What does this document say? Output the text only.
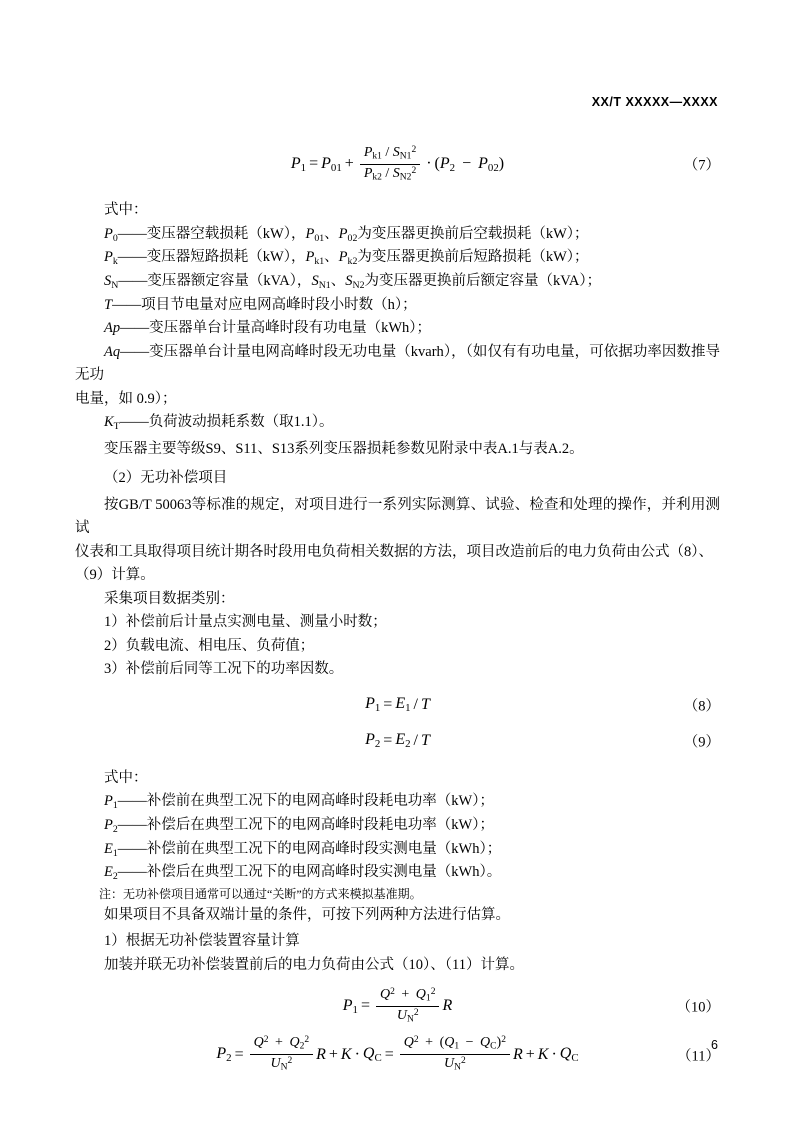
XX/T XXXXX—XXXX
$P_1 = P_{01} + \frac{P_{k1} / S_{N1}^2}{P_{k2} / S_{N2}^2} \cdot (P_2 - P_{02})$	（7）

式中：

$P_0——$变压器空载损耗（kW），$P_{01}$、$P_{02}$为变压器更换前后空载损耗（kW）；

$P_k——$变压器短路损耗（kW），$P_{k1}$、$P_{k2}$为变压器更换前后短路损耗（kW）；

$S_N——$变压器额定容量（kVA），$S_{N1}$、$S_{N2}$为变压器更换前后额定容量（kVA）；

T——项目节电量对应电网高峰时段小时数（h）；

Ap——变压器单台计量高峰时段有功电量（kWh）；

Aq——变压器单台计量电网高峰时段无功电量（kvarh），（如仅有有功电量，可依据功率因数推导无功

电量，如 0.9）；

$K_T——$负荷波动损耗系数（取1.1）。

变压器主要等级S9、S11、S13系列变压器损耗参数见附录中表A.1与表A.2。

（2）无功补偿项目

按GB/T 50063等标准的规定，对项目进行一系列实际测算、试验、检查和处理的操作，并利用测试

仪表和工具取得项目统计期各时段用电负荷相关数据的方法，项目改造前后的电力负荷由公式（8）、

（9）计算。

采集项目数据类别：

1）补偿前后计量点实测电量、测量小时数；

2）负载电流、相电压、负荷值；

3）补偿前后同等工况下的功率因数。

$P_1 = E_1 / T$	（8）
$P_2 = E_2 / T$	（9）

式中：

$P_1——$补偿前在典型工况下的电网高峰时段耗电功率（kW）；

$P_2——$补偿后在典型工况下的电网高峰时段耗电功率（kW）；

$E_1——$补偿前在典型工况下的电网高峰时段实测电量（kWh）；

$E_2——$补偿后在典型工况下的电网高峰时段实测电量（kWh）。

注：无功补偿项目通常可以通过“关断”的方式来模拟基准期。

如果项目不具备双端计量的条件，可按下列两种方法进行估算。

1）根据无功补偿装置容量计算

加装并联无功补偿装置前后的电力负荷由公式（10）、（11）计算。

$P_1 = \frac{Q^2 + Q_1^2}{U_N^2}$ R	（10）
$P_2 = \frac{Q^2 + Q_2^2}{U_N^2}$ $R + K \cdot Q_C$ =
$Q^2 + (Q_1 - Q_C)^2$
$U_N^2$	$R + K \cdot Q_C$	（11）
6
